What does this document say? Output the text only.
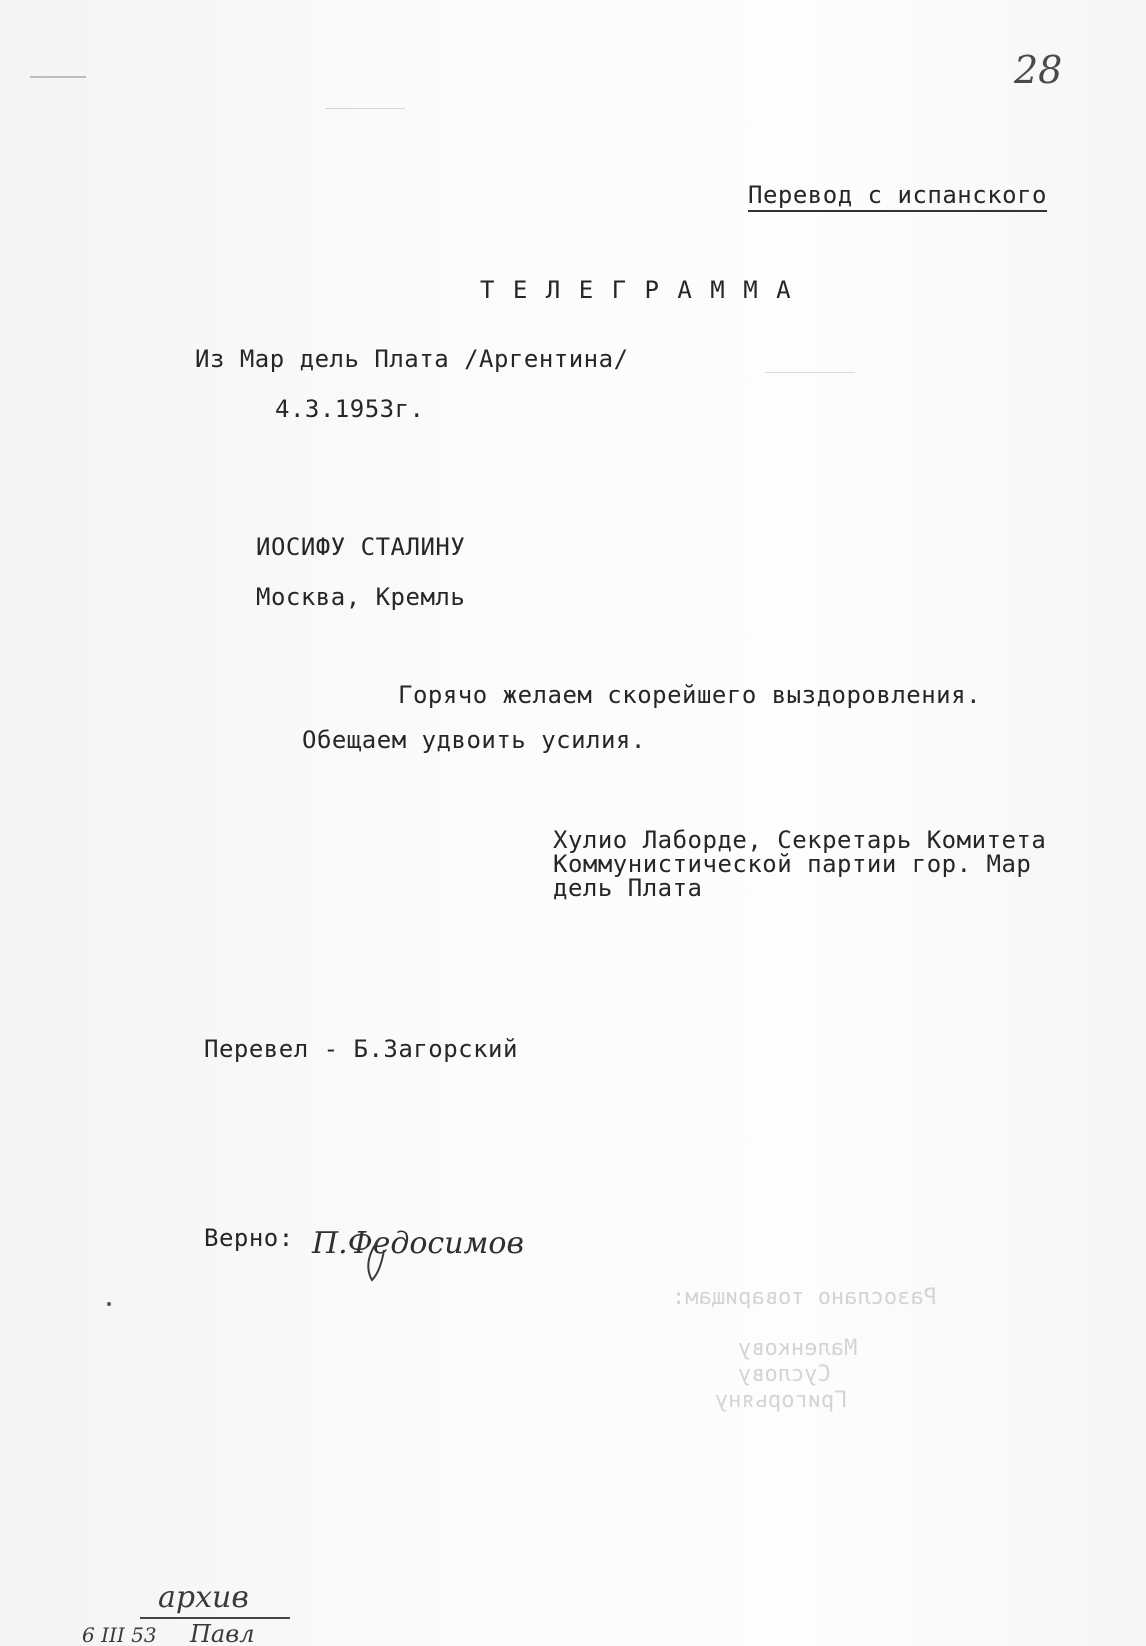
28
Перевод с испанского
Т Е Л Е Г Р А М М А
Из Мар дель Плата /Аргентина/
4.3.1953г.
ИОСИФУ СТАЛИНУ
Москва, Кремль
Горячо желаем скорейшего выздоровления.
Обещаем удвоить усилия.
Хулио Лаборде, Секретарь Комитета
Коммунистической партии гор. Мар
дель Плата
Перевел - Б.Загорский
Верно: П.Федосимов
Разослано товарищам:
Маленкову
Суслову
Григорьяну
архив
6 III 53 Павл
